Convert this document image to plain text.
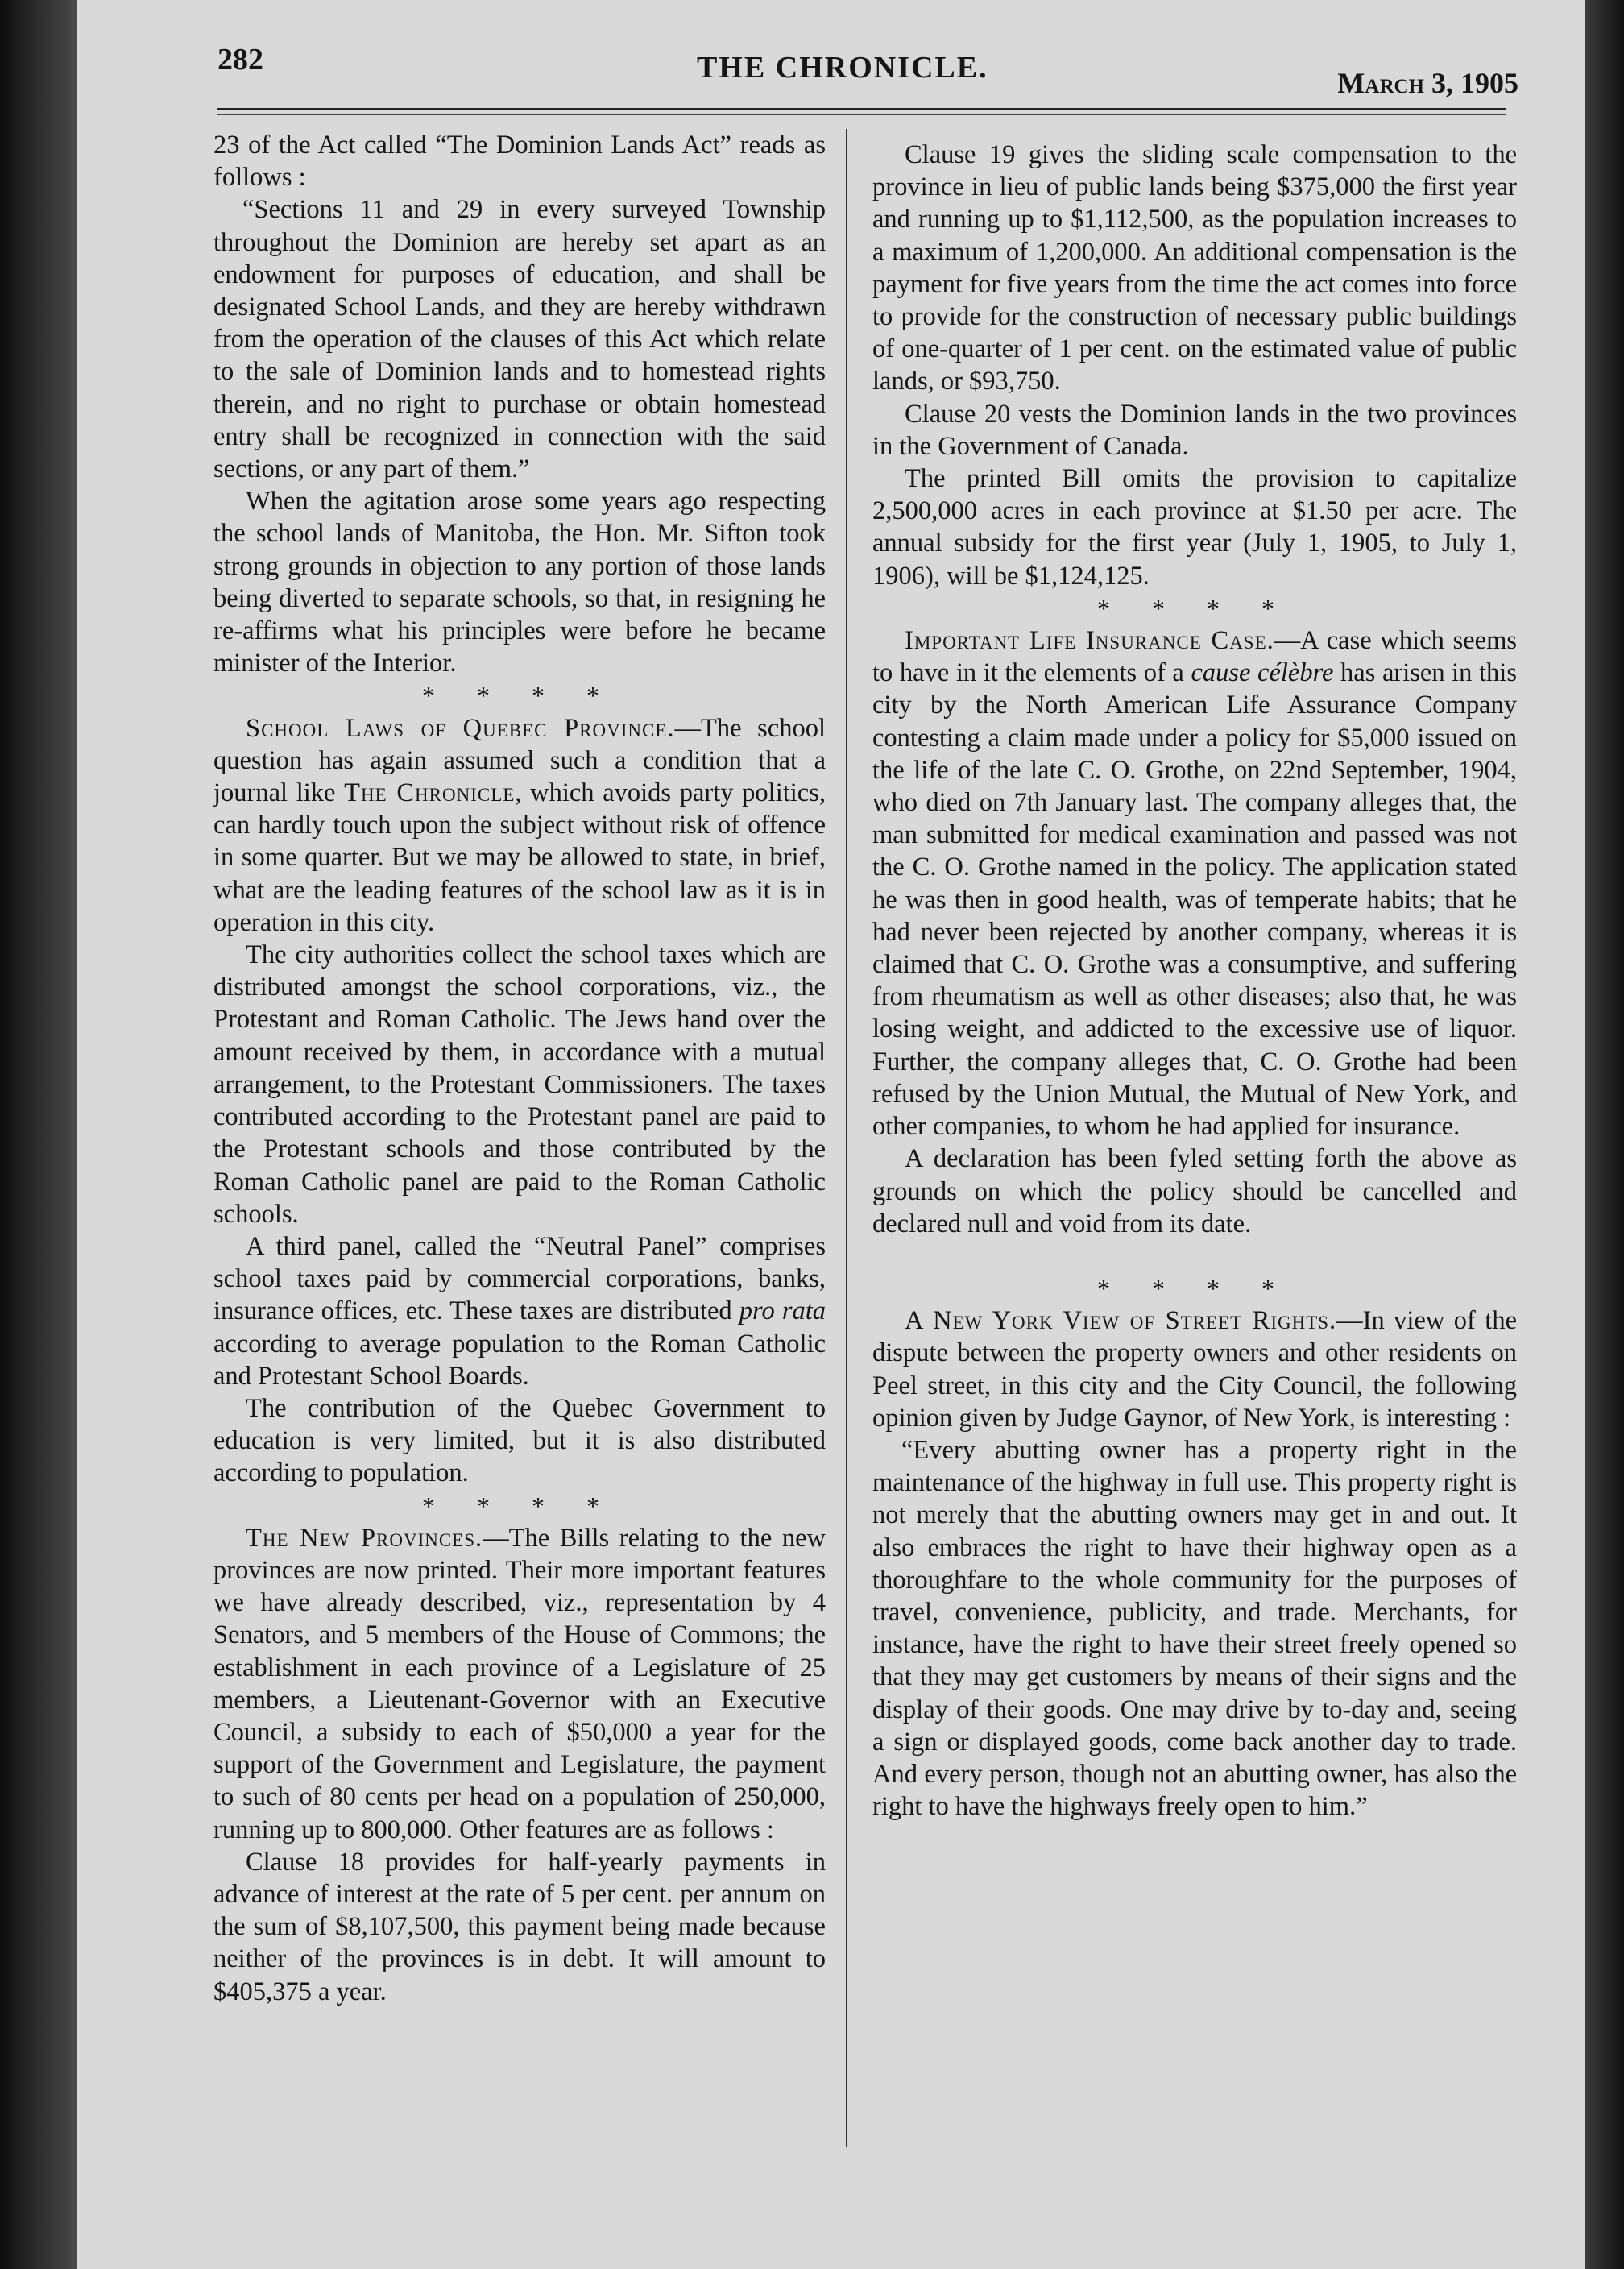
282	THE CHRONICLE.	March 3, 1905

23 of the Act called “The Dominion Lands Act” reads as follows :

“Sections 11 and 29 in every surveyed Township throughout the Dominion are hereby set apart as an endowment for purposes of education, and shall be designated School Lands, and they are hereby withdrawn from the operation of the clauses of this Act which relate to the sale of Dominion lands and to homestead rights therein, and no right to purchase or obtain homestead entry shall be recognized in connection with the said sections, or any part of them.”

When the agitation arose some years ago respecting the school lands of Manitoba, the Hon. Mr. Sifton took strong grounds in objection to any portion of those lands being diverted to separate schools, so that, in resigning he re-affirms what his principles were before he became minister of the Interior.

* * * *

School Laws of Quebec Province.—The school question has again assumed such a condition that a journal like The Chronicle, which avoids party politics, can hardly touch upon the subject without risk of offence in some quarter. But we may be allowed to state, in brief, what are the leading features of the school law as it is in operation in this city.

The city authorities collect the school taxes which are distributed amongst the school corporations, viz., the Protestant and Roman Catholic. The Jews hand over the amount received by them, in accordance with a mutual arrangement, to the Protestant Commissioners. The taxes contributed according to the Protestant panel are paid to the Protestant schools and those contributed by the Roman Catholic panel are paid to the Roman Catholic schools.

A third panel, called the “Neutral Panel” comprises school taxes paid by commercial corporations, banks, insurance offices, etc. These taxes are distributed pro rata according to average population to the Roman Catholic and Protestant School Boards.

The contribution of the Quebec Government to education is very limited, but it is also distributed according to population.

* * * *

The New Provinces.—The Bills relating to the new provinces are now printed. Their more important features we have already described, viz., representation by 4 Senators, and 5 members of the House of Commons; the establishment in each province of a Legislature of 25 members, a Lieutenant-Governor with an Executive Council, a subsidy to each of $50,000 a year for the support of the Government and Legislature, the payment to such of 80 cents per head on a population of 250,000, running up to 800,000. Other features are as follows :

Clause 18 provides for half-yearly payments in advance of interest at the rate of 5 per cent. per annum on the sum of $8,107,500, this payment being made because neither of the provinces is in debt. It will amount to $405,375 a year.

Clause 19 gives the sliding scale compensation to the province in lieu of public lands being $375,000 the first year and running up to $1,112,500, as the population increases to a maximum of 1,200,000. An additional compensation is the payment for five years from the time the act comes into force to provide for the construction of necessary public buildings of one-quarter of 1 per cent. on the estimated value of public lands, or $93,750.

Clause 20 vests the Dominion lands in the two provinces in the Government of Canada.

The printed Bill omits the provision to capitalize 2,500,000 acres in each province at $1.50 per acre. The annual subsidy for the first year (July 1, 1905, to July 1, 1906), will be $1,124,125.

* * * *

Important Life Insurance Case.—A case which seems to have in it the elements of a cause célèbre has arisen in this city by the North American Life Assurance Company contesting a claim made under a policy for $5,000 issued on the life of the late C. O. Grothe, on 22nd September, 1904, who died on 7th January last. The company alleges that, the man submitted for medical examination and passed was not the C. O. Grothe named in the policy. The application stated he was then in good health, was of temperate habits; that he had never been rejected by another company, whereas it is claimed that C. O. Grothe was a consumptive, and suffering from rheumatism as well as other diseases; also that, he was losing weight, and addicted to the excessive use of liquor. Further, the company alleges that, C. O. Grothe had been refused by the Union Mutual, the Mutual of New York, and other companies, to whom he had applied for insurance.

A declaration has been fyled setting forth the above as grounds on which the policy should be cancelled and declared null and void from its date.

* * * *

A New York View of Street Rights.—In view of the dispute between the property owners and other residents on Peel street, in this city and the City Council, the following opinion given by Judge Gaynor, of New York, is interesting :

“Every abutting owner has a property right in the maintenance of the highway in full use. This property right is not merely that the abutting owners may get in and out. It also embraces the right to have their highway open as a thoroughfare to the whole community for the purposes of travel, convenience, publicity, and trade. Merchants, for instance, have the right to have their street freely opened so that they may get customers by means of their signs and the display of their goods. One may drive by to-day and, seeing a sign or displayed goods, come back another day to trade. And every person, though not an abutting owner, has also the right to have the highways freely open to him.”
